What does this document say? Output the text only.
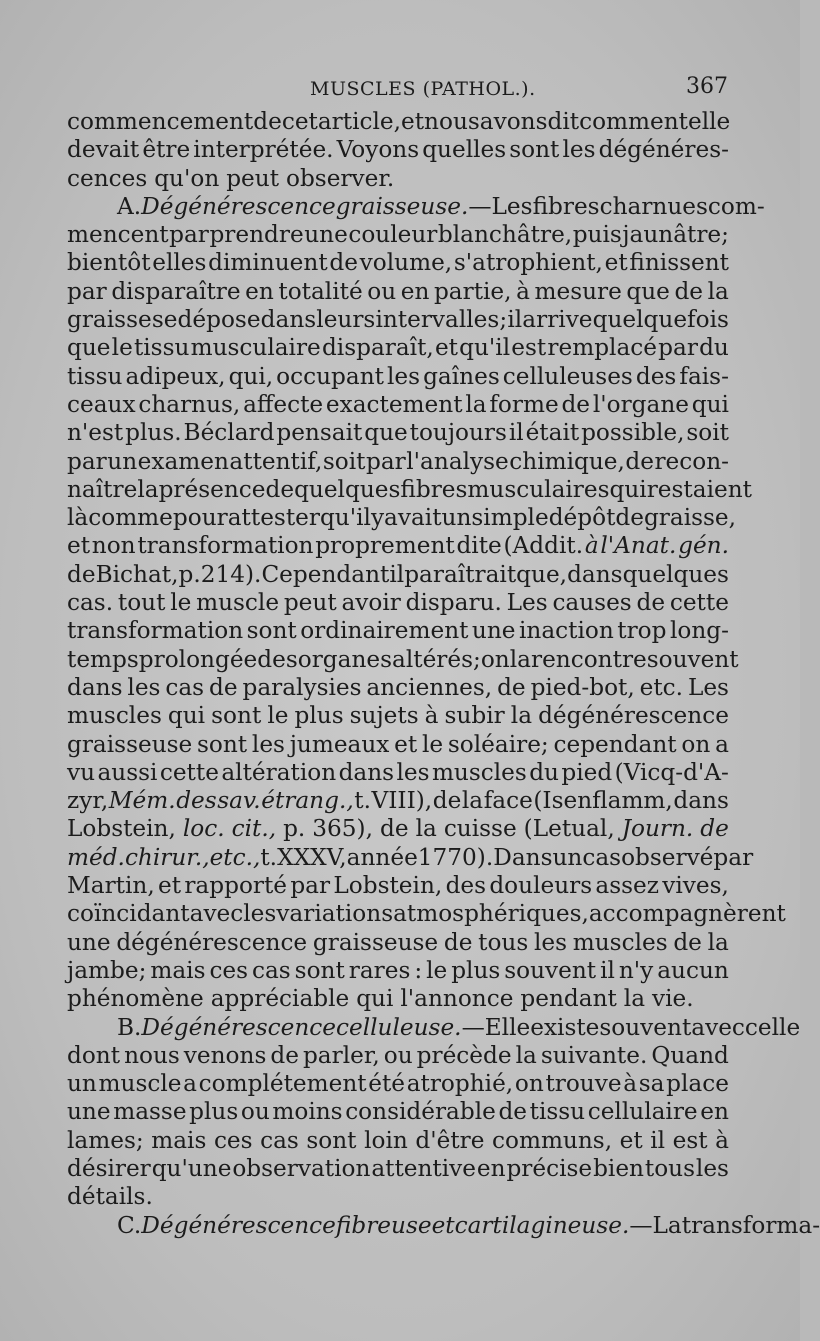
MUSCLES (PATHOL.).	367
commencement de cet article, et nous avons dit comment elle
devait être interprétée. Voyons quelles sont les dégénéres-
cences qu'on peut observer.
A. Dégénérescence graisseuse. — Les fibres charnues com-
mencent par prendre une couleur blanchâtre, puis jaunâtre;
bientôt elles diminuent de volume, s'atrophient, et finissent
par disparaître en totalité ou en partie, à mesure que de la
graisse se dépose dans leurs intervalles ; il arrive quelquefois
que le tissu musculaire disparaît, et qu'il est remplacé par du
tissu adipeux, qui, occupant les gaînes celluleuses des fais-
ceaux charnus, affecte exactement la forme de l'organe qui
n'est plus. Béclard pensait que toujours il était possible, soit
par un examen attentif, soit par l'analyse chimique, de recon-
naître la présence de quelques fibres musculaires qui restaient
là comme pour attester qu'il y avait un simple dépôt de graisse,
et non transformation proprement dite (Addit. à l'Anat. gén.
de Bichat, p. 214). Cependant il paraîtrait que, dans quelques
cas. tout le muscle peut avoir disparu. Les causes de cette
transformation sont ordinairement une inaction trop long-
temps prolongée des organes altérés; on la rencontre souvent
dans les cas de paralysies anciennes, de pied-bot, etc. Les
muscles qui sont le plus sujets à subir la dégénérescence
graisseuse sont les jumeaux et le soléaire; cependant on a
vu aussi cette altération dans les muscles du pied (Vicq-d'A-
zyr, Mém. des sav. étrang., t. VIII), de la face (Isenflamm, dans
Lobstein, loc. cit., p. 365), de la cuisse (Letual, Journ. de
méd. chirur., etc., t. XXXV, année 1770). Dans un cas observé par
Martin, et rapporté par Lobstein, des douleurs assez vives,
coïncidant avec les variations atmosphériques, accompagnèrent
une dégénérescence graisseuse de tous les muscles de la
jambe; mais ces cas sont rares : le plus souvent il n'y aucun
phénomène appréciable qui l'annonce pendant la vie.
B. Dégénérescence celluleuse. — Elle existe souvent avec celle
dont nous venons de parler, ou précède la suivante. Quand
un muscle a complétement été atrophié, on trouve à sa place
une masse plus ou moins considérable de tissu cellulaire en
lames; mais ces cas sont loin d'être communs, et il est à
désirer qu'une observation attentive en précise bien tous les
détails.
C. Dégénérescence fibreuse et cartilagineuse. — La transforma-
